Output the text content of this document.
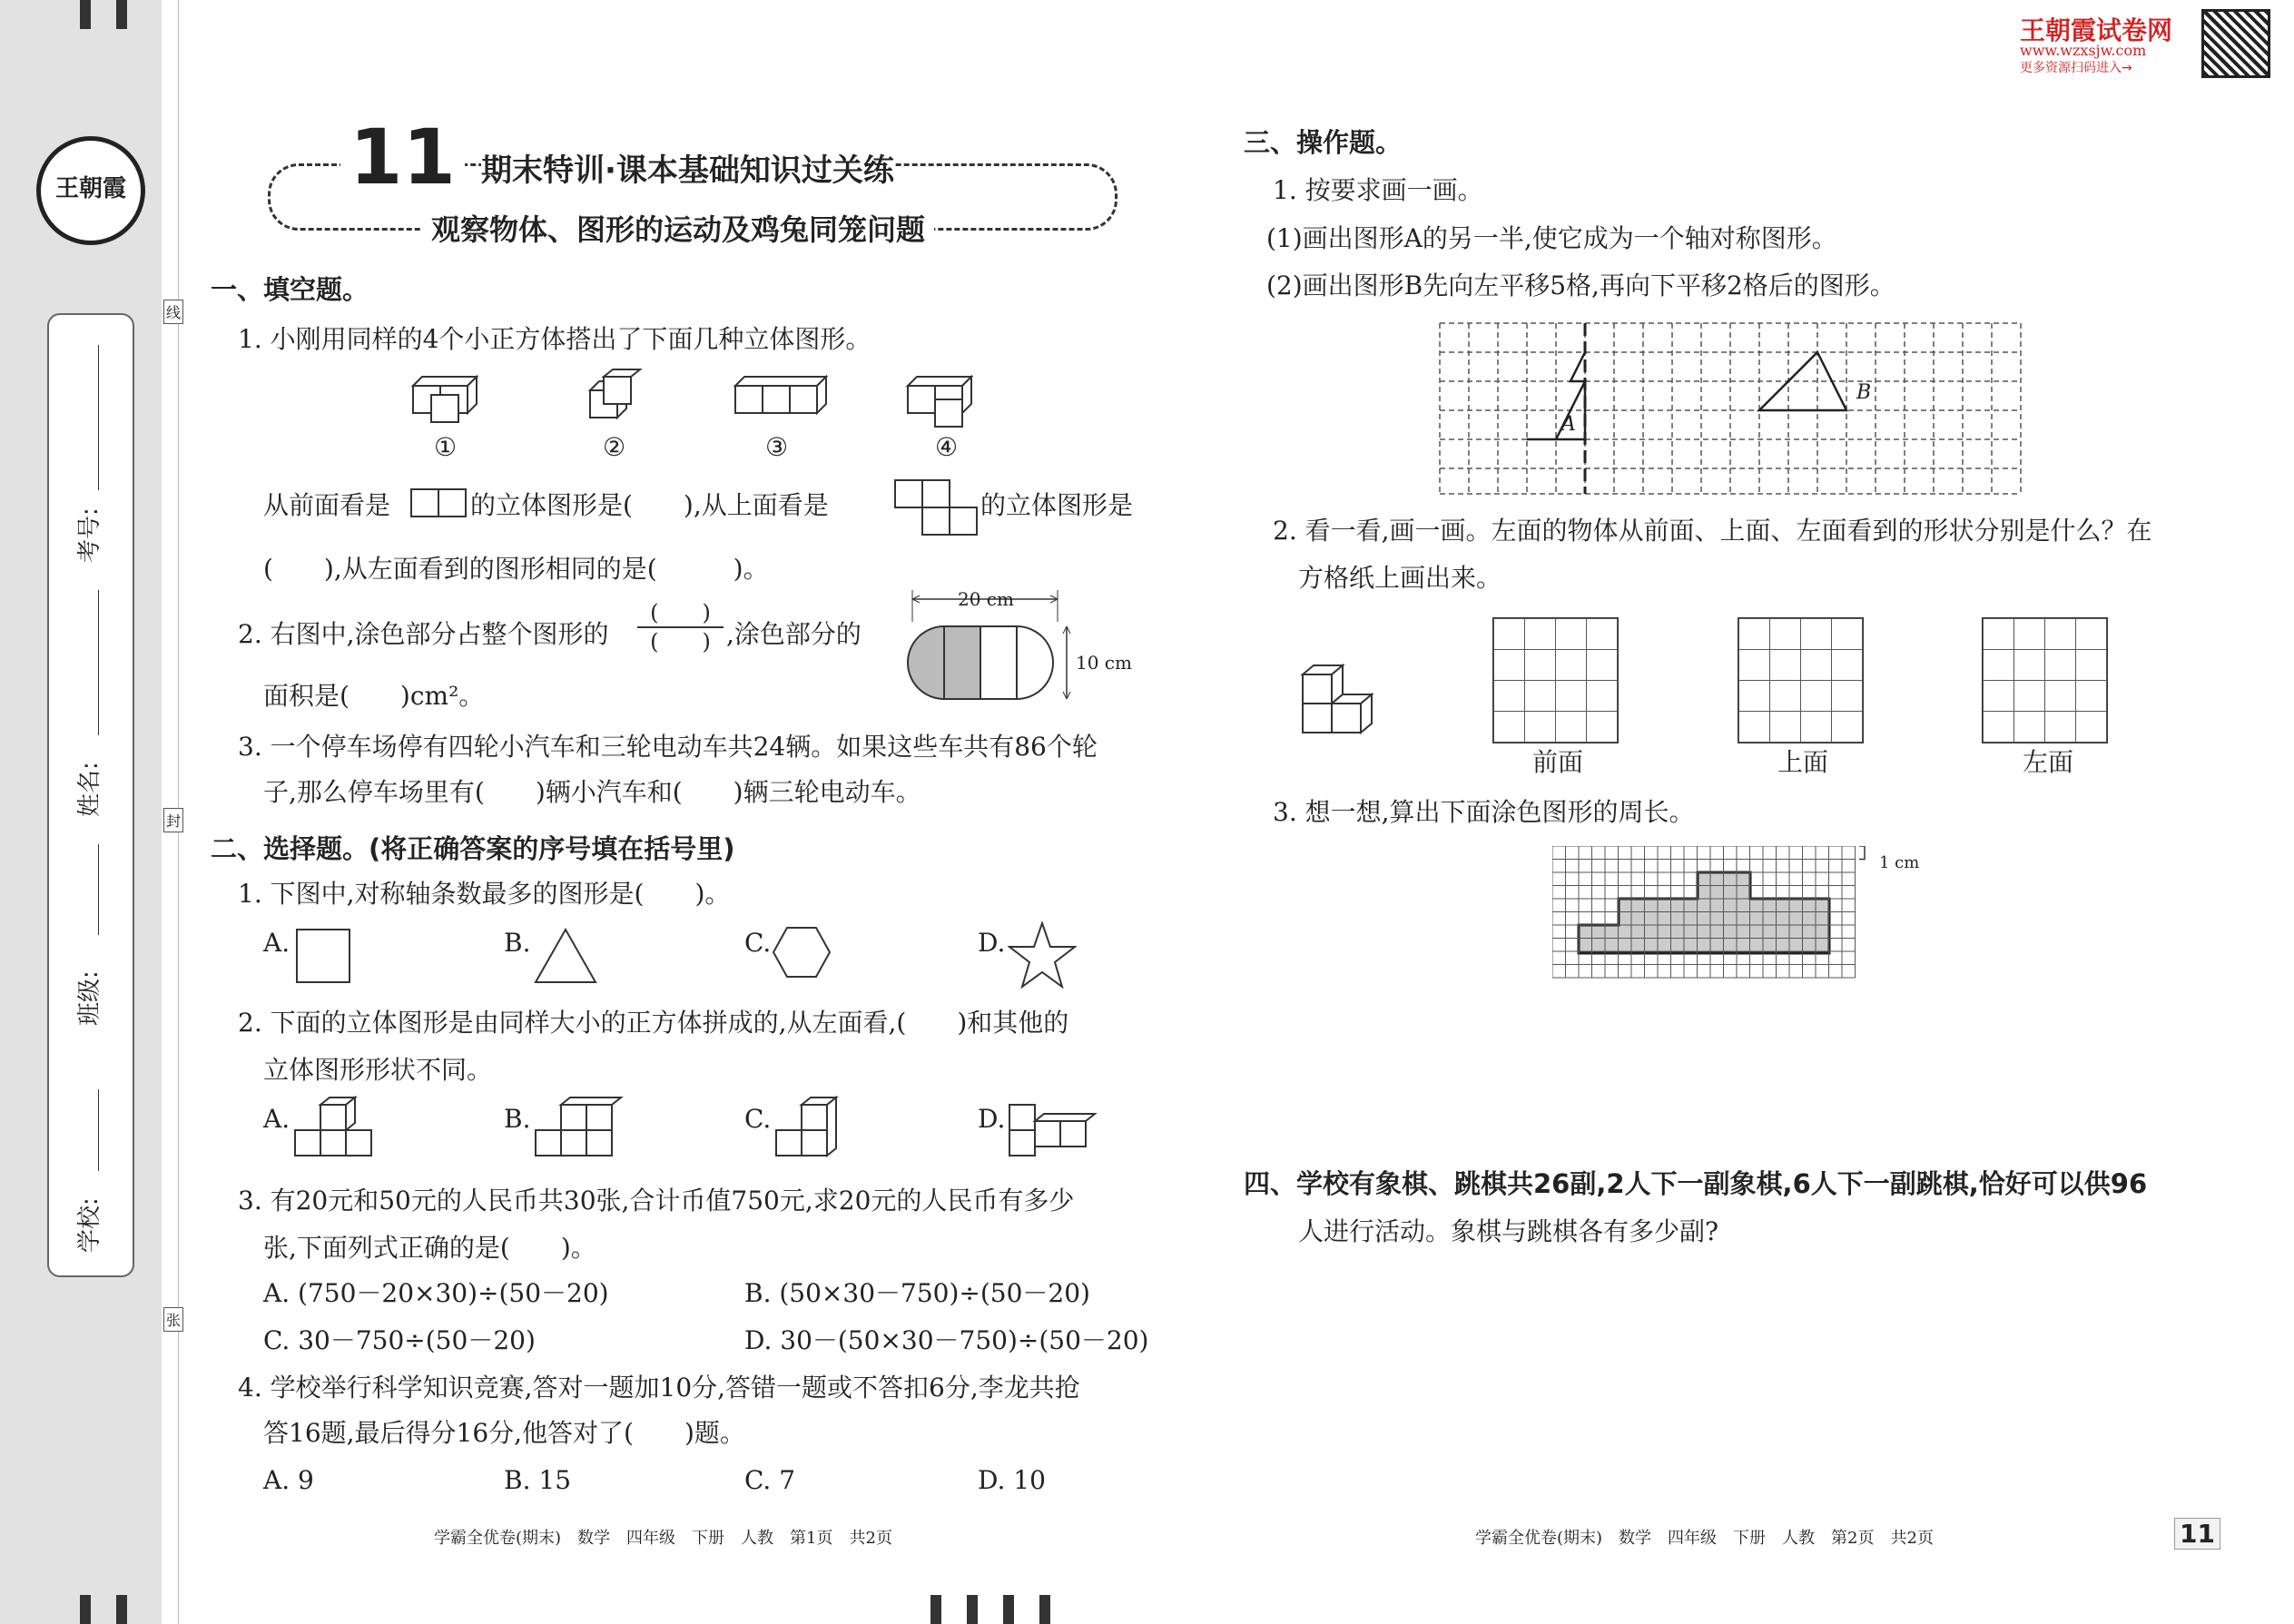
王朝霞
考号:
姓名:
班级:
学校:
线
封
张
王朝霞试卷网
www.wzxsjw.com
更多资源扫码进入→
11 期末特训·课本基础知识过关练
观察物体、图形的运动及鸡兔同笼问题
一、填空题。
1. 小刚用同样的4个小正方体搭出了下面几种立体图形。
①	②	③	④
从前面看是	的立体图形是(　　),从上面看是	的立体图形是
(　　),从左面看到的图形相同的是(　　　)。
2. 右图中,涂色部分占整个图形的
(　　)
(　　) ,涂色部分的
面积是(　　)cm²。
20 cm
10 cm
3. 一个停车场停有四轮小汽车和三轮电动车共24辆。如果这些车共有86个轮
子,那么停车场里有(　　)辆小汽车和(　　)辆三轮电动车。
二、选择题。(将正确答案的序号填在括号里)
1. 下图中,对称轴条数最多的图形是(　　)。
A.	B.	C.	D.
2. 下面的立体图形是由同样大小的正方体拼成的,从左面看,(　　)和其他的
立体图形形状不同。
A.	B.	C.	D.
3. 有20元和50元的人民币共30张,合计币值750元,求20元的人民币有多少
张,下面列式正确的是(　　)。
A. (750－20×30)÷(50－20)	B. (50×30－750)÷(50－20)
C. 30－750÷(50－20)	D. 30－(50×30－750)÷(50－20)
4. 学校举行科学知识竞赛,答对一题加10分,答错一题或不答扣6分,李龙共抢
答16题,最后得分16分,他答对了(　　)题。
A. 9	B. 15	C. 7	D. 10
学霸全优卷(期末)　数学　四年级　下册　人教　第1页　共2页
三、操作题。
1. 按要求画一画。
(1)画出图形A的另一半,使它成为一个轴对称图形。
(2)画出图形B先向左平移5格,再向下平移2格后的图形。
A
B
2. 看一看,画一画。左面的物体从前面、上面、左面看到的形状分别是什么？在
方格纸上画出来。
前面	上面	左面
3. 想一想,算出下面涂色图形的周长。
1 cm
四、学校有象棋、跳棋共26副,2人下一副象棋,6人下一副跳棋,恰好可以供96
人进行活动。象棋与跳棋各有多少副?
学霸全优卷(期末)　数学　四年级　下册　人教　第2页　共2页	11
